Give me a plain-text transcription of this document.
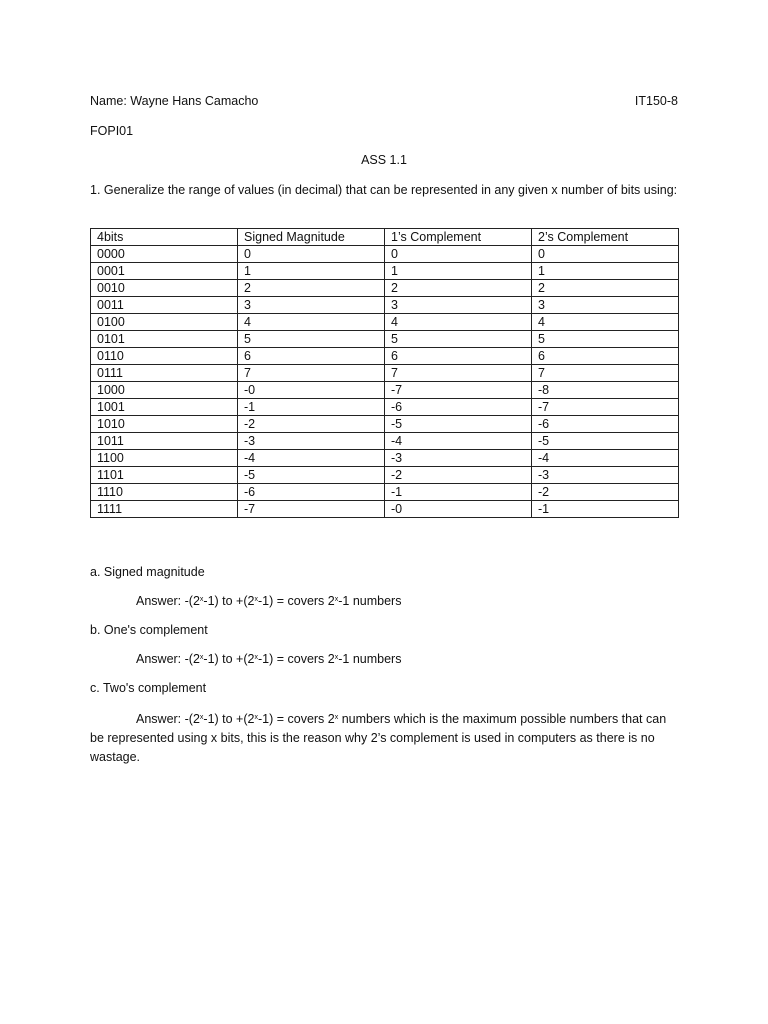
Name: Wayne Hans Camacho	IT150-8
FOPI01
ASS 1.1
1. Generalize the range of values (in decimal) that can be represented in any given x number of bits using:
4bits	Signed Magnitude	1’s Complement	2’s Complement
0000	0	0	0
0001	1	1	1
0010	2	2	2
0011	3	3	3
0100	4	4	4
0101	5	5	5
0110	6	6	6
0111	7	7	7
1000	-0	-7	-8
1001	-1	-6	-7
1010	-2	-5	-6
1011	-3	-4	-5
1100	-4	-3	-4
1101	-5	-2	-3
1110	-6	-1	-2
1111	-7	-0	-1
a. Signed magnitude
Answer: -(2$^x$-1) to $+(2^x-1)$ = covers 2$^x$-1 numbers
b. One's complement
Answer: -(2$^x$-1) to $+(2^x-1)$ = covers 2$^x$-1 numbers
c. Two's complement
Answer: -(2$^x$-1) to $+(2^x-1)$ = covers 2$^x$ numbers which is the maximum possible numbers that can be represented using x bits, this is the reason why 2’s complement is used in computers as there is no wastage.
